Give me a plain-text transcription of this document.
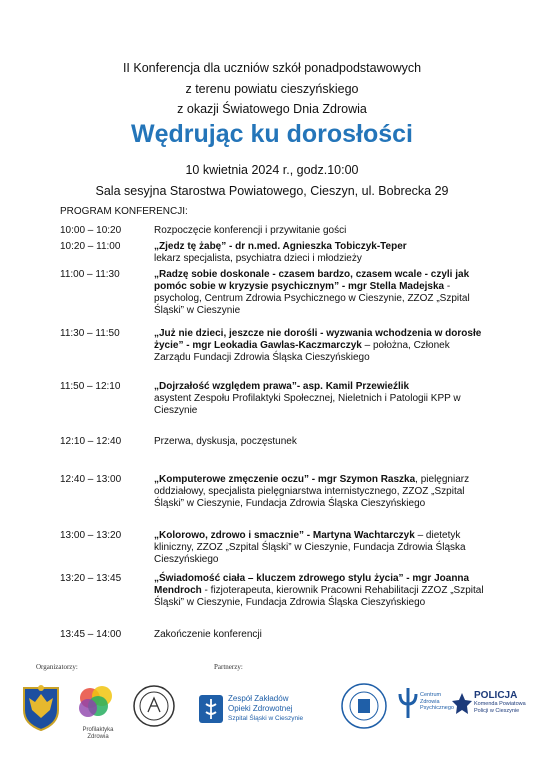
II Konferencja dla uczniów szkół ponadpodstawowych
z terenu powiatu cieszyńskiego
z okazji Światowego Dnia Zdrowia
Wędrując ku dorosłości
10 kwietnia 2024 r., godz.10:00
Sala sesyjna Starostwa Powiatowego, Cieszyn, ul. Bobrecka 29
PROGRAM KONFERENCJI:
10:00 – 10:20	Rozpoczęcie konferencji i przywitanie gości
10:20 – 11:00	„Zjedz tę żabę” - dr n.med. Agnieszka Tobiczyk-Teper
lekarz specjalista, psychiatra dzieci i młodzieży
11:00 – 11:30	„Radzę sobie doskonale - czasem bardzo, czasem wcale - czyli jak pomóc sobie w kryzysie psychicznym” - mgr Stella Madejska - psycholog, Centrum Zdrowia Psychicznego w Cieszynie, ZZOZ „Szpital Śląski” w Cieszynie
11:30 – 11:50	„Już nie dzieci, jeszcze nie dorośli - wyzwania wchodzenia w dorosłe życie” - mgr Leokadia Gawlas-Kaczmarczyk – położna, Członek Zarządu Fundacji Zdrowia Śląska Cieszyńskiego
11:50 – 12:10	„Dojrzałość względem prawa”- asp. Kamil Przewieźlik
asystent Zespołu Profilaktyki Społecznej, Nieletnich i Patologii KPP w Cieszynie
12:10 – 12:40	Przerwa, dyskusja, poczęstunek
12:40 – 13:00	„Komputerowe zmęczenie oczu” - mgr Szymon Raszka, pielęgniarz oddziałowy, specjalista pielęgniarstwa internistycznego, ZZOZ „Szpital Śląski” w Cieszynie, Fundacja Zdrowia Śląska Cieszyńskiego
13:00 – 13:20	„Kolorowo, zdrowo i smacznie” - Martyna Wachtarczyk – dietetyk kliniczny, ZZOZ „Szpital Śląski” w Cieszynie, Fundacja Zdrowia Śląska Cieszyńskiego
13:20 – 13:45	„Świadomość ciała – kluczem zdrowego stylu życia” - mgr Joanna Mendroch - fizjoterapeuta, kierownik Pracowni Rehabilitacji ZZOZ „Szpital Śląski” w Cieszynie, Fundacja Zdrowia Śląska Cieszyńskiego
13:45 – 14:00	Zakończenie konferencji
Organizatorzy:	Partnerzy:
Profilaktyka Zdrowia
Zespół Zakładów
Opieki Zdrowotnej
Szpital Śląski w Cieszynie
Centrum
Zdrowia
Psychicznego
POLICJA
Komenda Powiatowa
Policji w Cieszynie
